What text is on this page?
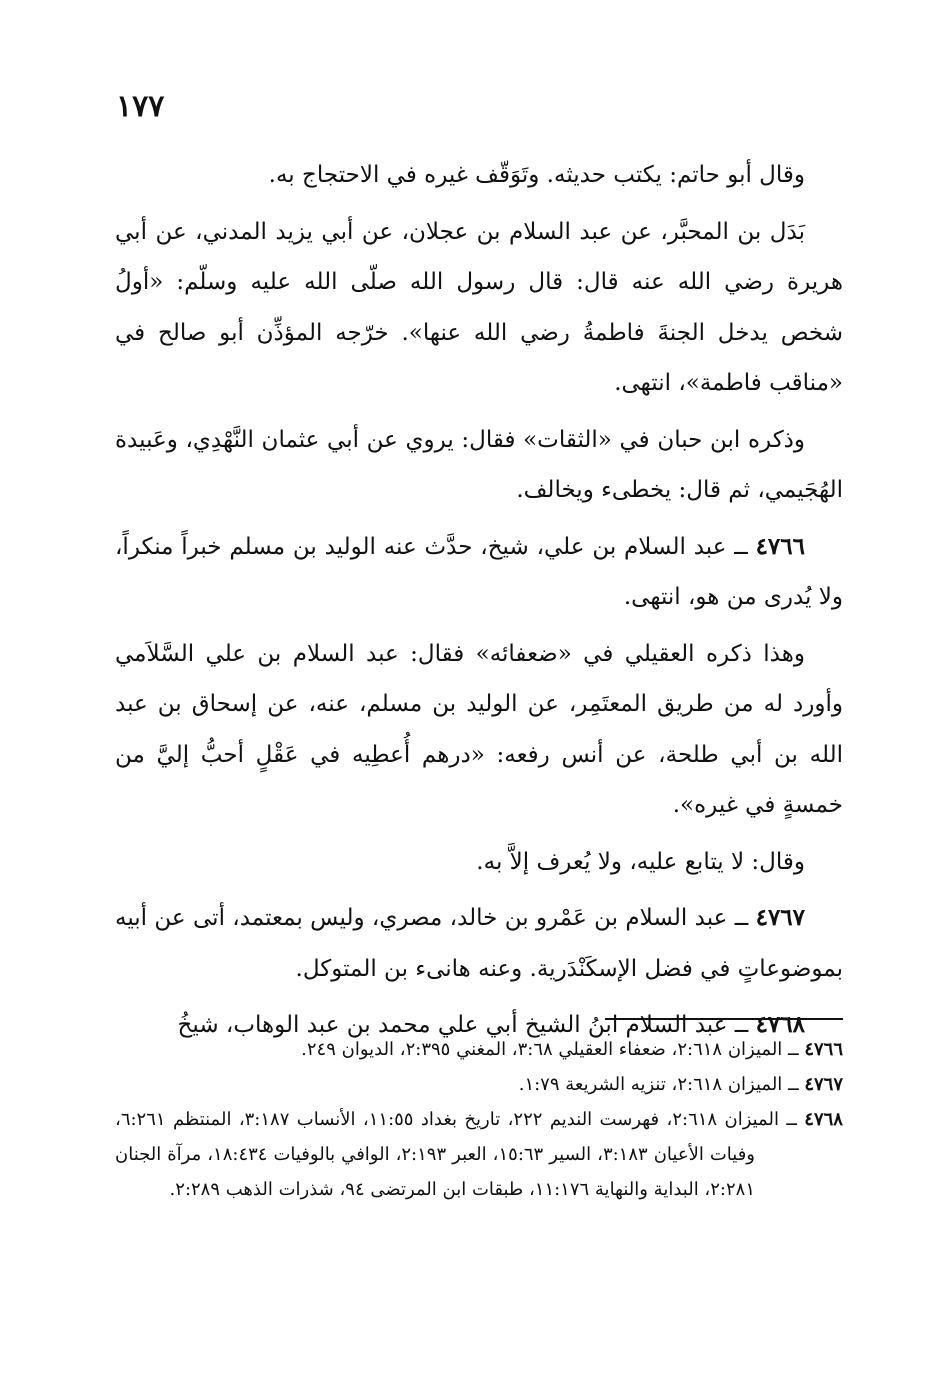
١٧٧

وقال أبو حاتم: يكتب حديثه. وتَوَقّف غيره في الاحتجاج به.

بَدَل بن المحبَّر، عن عبد السلام بن عجلان، عن أبي يزيد المدني، عن أبي هريرة رضي الله عنه قال: قال رسول الله صلّى الله عليه وسلّم: «أولُ شخص يدخل الجنةَ فاطمةُ رضي الله عنها». خرّجه المؤذِّن أبو صالح في «مناقب فاطمة»، انتهى.

وذكره ابن حبان في «الثقات» فقال: يروي عن أبي عثمان النَّهْدِي، وعَبيدة الهُجَيمي، ثم قال: يخطىء ويخالف.

٤٧٦٦ ــ عبد السلام بن علي، شيخ، حدَّث عنه الوليد بن مسلم خبراً منكراً، ولا يُدرى من هو، انتهى.

وهذا ذكره العقيلي في «ضعفائه» فقال: عبد السلام بن علي السَّلاَمي وأورد له من طريق المعتَمِر، عن الوليد بن مسلم، عنه، عن إسحاق بن عبد الله بن أبي طلحة، عن أنس رفعه: «درهم أُعطِيه في عَقْلٍ أحبُّ إليَّ من خمسةٍ في غيره».

وقال: لا يتابع عليه، ولا يُعرف إلاَّ به.

٤٧٦٧ ــ عبد السلام بن عَمْرو بن خالد، مصري، وليس بمعتمد، أتى عن أبيه بموضوعاتٍ في فضل الإسكَنْدَرية. وعنه هانىء بن المتوكل.

٤٧٦٨ ــ عبد السلام ابنُ الشيخ أبي علي محمد بن عبد الوهاب، شيخُ

٤٧٦٦ ــ الميزان ٢:٦١٨، ضعفاء العقيلي ٣:٦٨، المغني ٢:٣٩٥، الديوان ٢٤٩.

٤٧٦٧ ــ الميزان ٢:٦١٨، تنزيه الشريعة ١:٧٩.

٤٧٦٨ ــ الميزان ٢:٦١٨، فهرست النديم ٢٢٢، تاريخ بغداد ١١:٥٥، الأنساب ٣:١٨٧، المنتظم ٦:٢٦١، وفيات الأعيان ٣:١٨٣، السير ١٥:٦٣، العبر ٢:١٩٣، الوافي بالوفيات ١٨:٤٣٤، مرآة الجنان ٢:٢٨١، البداية والنهاية ١١:١٧٦، طبقات ابن المرتضى ٩٤، شذرات الذهب ٢:٢٨٩.
